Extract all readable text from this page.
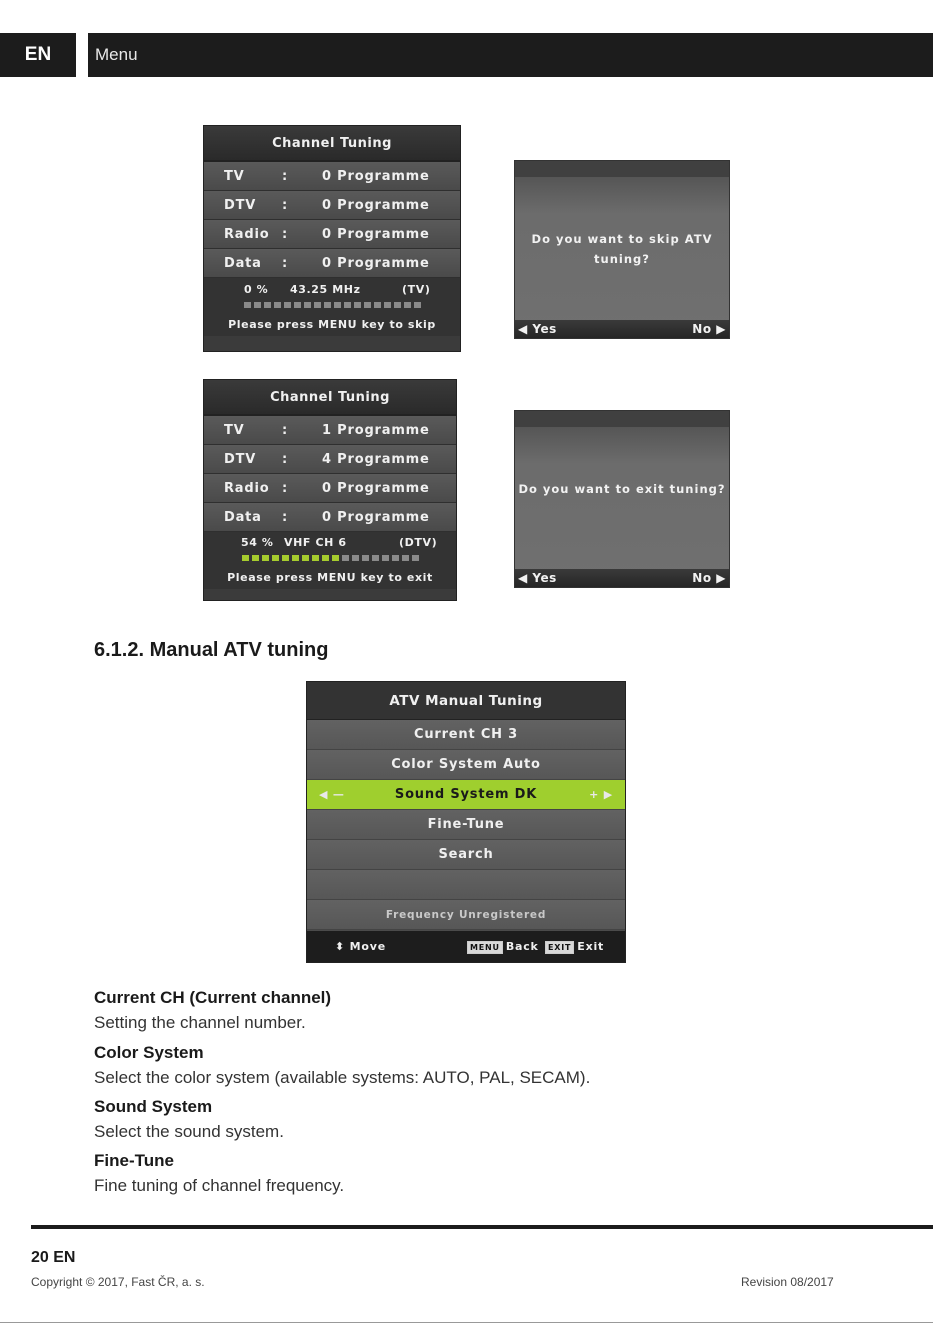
EN	Menu
Channel Tuning
TV	:	0 Programme
DTV	:	0 Programme
Radio :	0 Programme
Data	:	0 Programme
0 %	43.25 MHz	(TV)
Please press MENU key to skip
Do you want to skip ATV
tuning?
◀ Yes	No ▶
Channel Tuning
TV	:	1 Programme
DTV	:	4 Programme
Radio :	0 Programme
Data	:	0 Programme
54 % VHF CH 6	(DTV)
Please press MENU key to exit
Do you want to exit tuning?
◀ Yes	No ▶
6.1.2. Manual ATV tuning
ATV Manual Tuning
Current CH 3
Color System Auto
◀ —	Sound System DK	+ ▶
Fine-Tune
Search
Frequency Unregistered
⬍ Move	MENU Back	EXIT Exit
Current CH (Current channel)
Setting the channel number.
Color System
Select the color system (available systems: AUTO, PAL, SECAM).
Sound System
Select the sound system.
Fine-Tune
Fine tuning of channel frequency.
20 EN
Copyright © 2017, Fast ČR, a. s.	Revision 08/2017
